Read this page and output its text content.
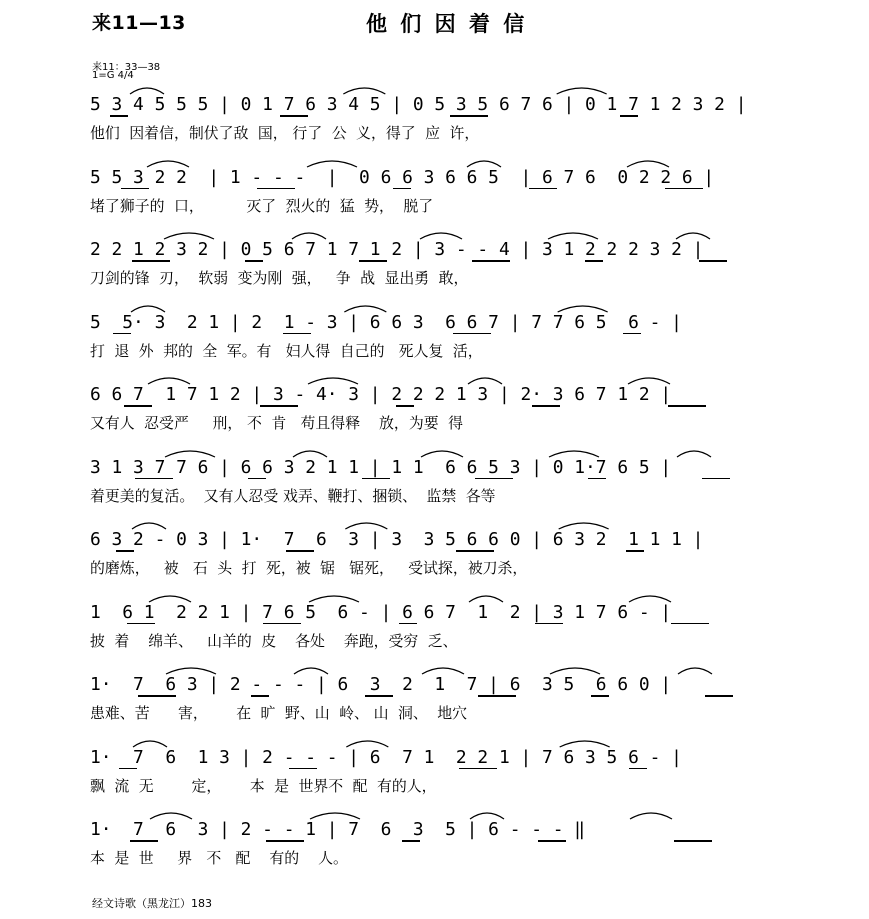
来11—13	他 们 因 着 信
来11：33—38
1=G 4/4
5 3 4 5 5 5 | 0 1 7 6 3 4 5 | 0 5 3 5 6 7 6 | 0 1 7 1 2 3 2 |
他们  因着信，制伏了敌  国， 行了  公  义，得了  应  许，
5 5 3 2 2  | 1 - - -  |  0 6 6 3 6 6 5  | 6 7 6  0 2 2 6 |
堵了狮子的  口，         灭了  烈火的  猛  势，  脱了
2 2 1 2 3 2 | 0 5 6 7 1 7 1 2 | 3 - - 4 | 3 1 2 2 2 3 2 |
刀剑的锋  刃，  软弱  变为刚  强，   争  战  显出勇  敢，
5  5· 3  2 1 | 2  1 - 3 | 6 6 3  6 6 7 | 7 7 6 5  6 - |
打  退  外  邦的  全  军。有   妇人得  自己的   死人复  活，
6 6 7  1 7 1 2 | 3 - 4· 3 | 2 2 2 1 3 | 2· 3 6 7 1 2 |
又有人  忍受严     刑， 不  肯   苟且得释    放，为要  得
3 1 3 7 7 6 | 6 6 3 2 1 1 | 1 1  6 6 5 3 | 0 1·7 6 5 |
着更美的复活。  又有人忍受 戏弄、鞭打、捆锁、  监禁  各等
6 3 2 - 0 3 | 1·  7  6  3 | 3  3 5 6 6 0 | 6 3 2  1 1 1 |
的磨炼，   被   石  头  打  死，被  锯   锯死，   受试探，被刀杀，
1  6 1  2 2 1 | 7 6 5  6 - | 6 6 7  1  2 | 3 1 7 6 - |
披  着    绵羊、   山羊的  皮    各处    奔跑，受穷  乏、
1·  7  6 3 | 2 - - - | 6  3  2  1  7 | 6  3 5  6 6 0 |
患难、苦      害，      在  旷  野、山  岭、 山  洞、  地穴
1·  7  6  1 3 | 2 - - - | 6  7 1  2 2 1 | 7 6 3 5 6 - |
飘  流  无        定，      本  是  世界不  配  有的人，
1·  7  6  3 | 2 - - 1 | 7  6  3  5 | 6 - - - ‖
本  是  世     界   不   配    有的    人。
经文诗歌（黑龙江）183
